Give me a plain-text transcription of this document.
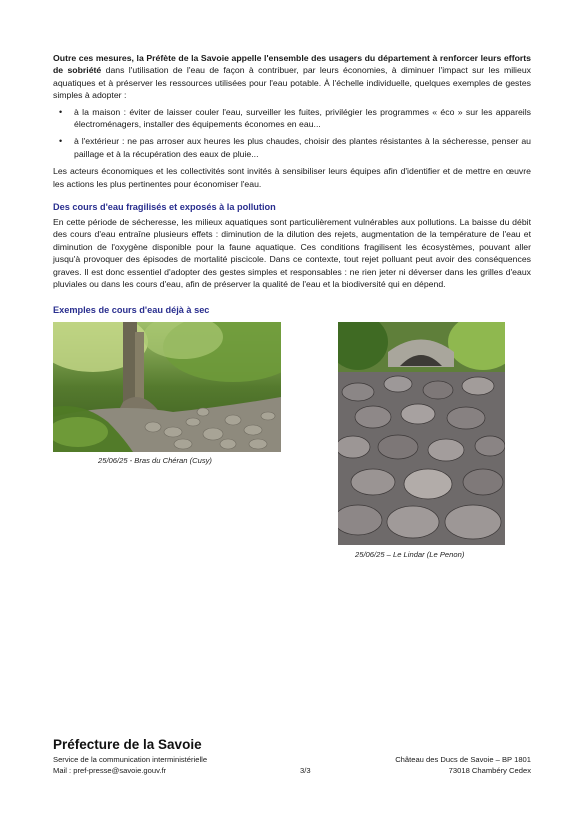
Outre ces mesures, la Préfète de la Savoie appelle l'ensemble des usagers du département à renforcer leurs efforts de sobriété dans l'utilisation de l'eau de façon à contribuer, par leurs économies, à diminuer l'impact sur les milieux aquatiques et à préserver les ressources utilisées pour l'eau potable. À l'échelle individuelle, quelques exemples de gestes simples à adopter :

• à la maison : éviter de laisser couler l'eau, surveiller les fuites, privilégier les programmes « éco » sur les appareils électroménagers, installer des équipements économes en eau...
• à l'extérieur : ne pas arroser aux heures les plus chaudes, choisir des plantes résistantes à la sécheresse, penser au paillage et à la récupération des eaux de pluie...

Les acteurs économiques et les collectivités sont invités à sensibiliser leurs équipes afin d'identifier et de mettre en œuvre les actions les plus pertinentes pour économiser l'eau.

Des cours d'eau fragilisés et exposés à la pollution

En cette période de sécheresse, les milieux aquatiques sont particulièrement vulnérables aux pollutions. La baisse du débit des cours d'eau entraîne plusieurs effets : diminution de la dilution des rejets, augmentation de la température de l'eau et diminution de l'oxygène disponible pour la faune aquatique. Ces conditions fragilisent les écosystèmes, pouvant aller jusqu'à provoquer des épisodes de mortalité piscicole. Dans ce contexte, tout rejet polluant peut avoir des conséquences graves. Il est donc essentiel d'adopter des gestes simples et responsables : ne rien jeter ni déverser dans les grilles d'eaux pluviales ou dans les cours d'eau, afin de préserver la qualité de l'eau et la biodiversité qui en dépend.

Exemples de cours d'eau déjà à sec
25/06/25 - Bras du Chéran (Cusy)
25/06/25 – Le Lindar (Le Penon)
Préfecture de la Savoie
Service de la communication interministérielle
Mail : pref-presse@savoie.gouv.fr	3/3
Château des Ducs de Savoie – BP 1801
73018 Chambéry Cedex
